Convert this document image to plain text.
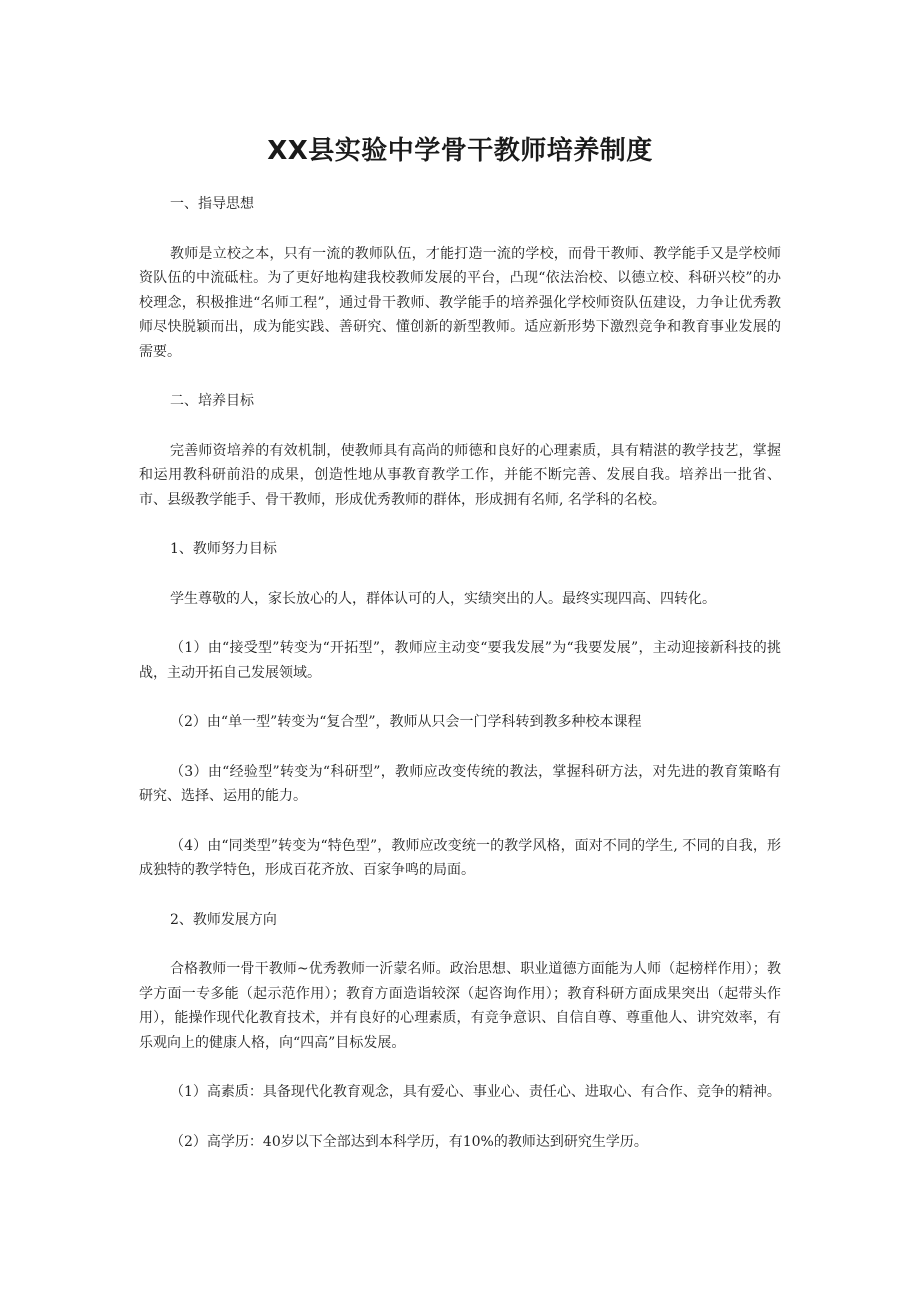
XX县实验中学骨干教师培养制度

一、指导思想

教师是立校之本，只有一流的教师队伍，才能打造一流的学校，而骨干教师、教学能手又是学校师资队伍的中流砥柱。为了更好地构建我校教师发展的平台，凸现“依法治校、以德立校、科研兴校”的办校理念，积极推进“名师工程”，通过骨干教师、教学能手的培养强化学校师资队伍建设，力争让优秀教师尽快脱颖而出，成为能实践、善研究、懂创新的新型教师。适应新形势下激烈竞争和教育事业发展的需要。

二、培养目标

完善师资培养的有效机制，使教师具有高尚的师德和良好的心理素质，具有精湛的教学技艺，掌握和运用教科研前沿的成果，创造性地从事教育教学工作，并能不断完善、发展自我。培养出一批省、市、县级教学能手、骨干教师，形成优秀教师的群体，形成拥有名师, 名学科的名校。

1、教师努力目标

学生尊敬的人，家长放心的人，群体认可的人，实绩突出的人。最终实现四高、四转化。

（1）由“接受型”转变为“开拓型”，教师应主动变“要我发展”为“我要发展”，主动迎接新科技的挑战，主动开拓自己发展领域。

（2）由“单一型”转变为“复合型”，教师从只会一门学科转到教多种校本课程

（3）由“经验型”转变为“科研型”，教师应改变传统的教法，掌握科研方法，对先进的教育策略有研究、选择、运用的能力。

（4）由“同类型”转变为“特色型”，教师应改变统一的教学风格，面对不同的学生, 不同的自我，形成独特的教学特色，形成百花齐放、百家争鸣的局面。

2、教师发展方向

合格教师一骨干教师~优秀教师一沂蒙名师。政治思想、职业道德方面能为人师（起榜样作用）；教学方面一专多能（起示范作用）；教育方面造诣较深（起咨询作用）；教育科研方面成果突出（起带头作用），能操作现代化教育技术，并有良好的心理素质，有竞争意识、自信自尊、尊重他人、讲究效率，有乐观向上的健康人格，向“四高”目标发展。

（1）高素质：具备现代化教育观念，具有爱心、事业心、责任心、进取心、有合作、竞争的精神。

（2）高学历：40岁以下全部达到本科学历，有10%的教师达到研究生学历。
